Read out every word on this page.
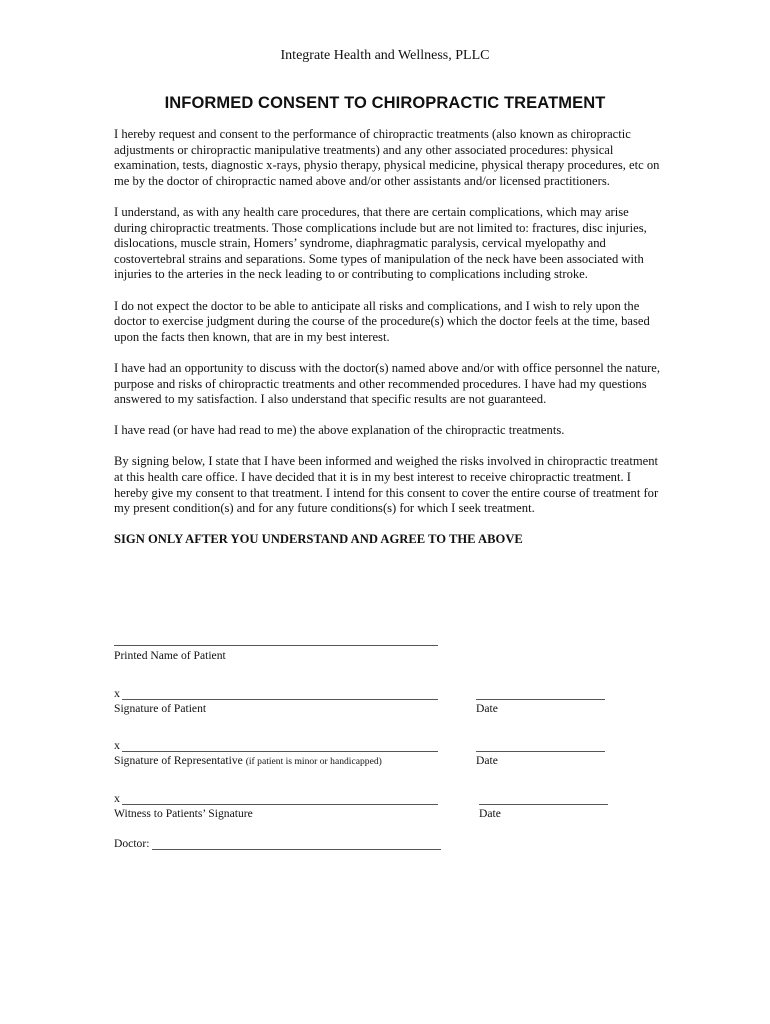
Integrate Health and Wellness, PLLC
INFORMED CONSENT TO CHIROPRACTIC TREATMENT

I hereby request and consent to the performance of chiropractic treatments (also known as chiropractic adjustments or chiropractic manipulative treatments) and any other associated procedures: physical examination, tests, diagnostic x-rays, physio therapy, physical medicine, physical therapy procedures, etc on me by the doctor of chiropractic named above and/or other assistants and/or licensed practitioners.

I understand, as with any health care procedures, that there are certain complications, which may arise during chiropractic treatments. Those complications include but are not limited to: fractures, disc injuries, dislocations, muscle strain, Homers’ syndrome, diaphragmatic paralysis, cervical myelopathy and costovertebral strains and separations. Some types of manipulation of the neck have been associated with injuries to the arteries in the neck leading to or contributing to complications including stroke.

I do not expect the doctor to be able to anticipate all risks and complications, and I wish to rely upon the doctor to exercise judgment during the course of the procedure(s) which the doctor feels at the time, based upon the facts then known, that are in my best interest.

I have had an opportunity to discuss with the doctor(s) named above and/or with office personnel the nature, purpose and risks of chiropractic treatments and other recommended procedures. I have had my questions answered to my satisfaction. I also understand that specific results are not guaranteed.

I have read (or have had read to me) the above explanation of the chiropractic treatments.

By signing below, I state that I have been informed and weighed the risks involved in chiropractic treatment at this health care office. I have decided that it is in my best interest to receive chiropractic treatment. I hereby give my consent to that treatment. I intend for this consent to cover the entire course of treatment for my present condition(s) and for any future conditions(s) for which I seek treatment.

SIGN ONLY AFTER YOU UNDERSTAND AND AGREE TO THE ABOVE

Printed Name of Patient
x
Signature of Patient	Date
x
Signature of Representative (if patient is minor or handicapped)	Date
x
Witness to Patients’ Signature	Date
Doctor:
